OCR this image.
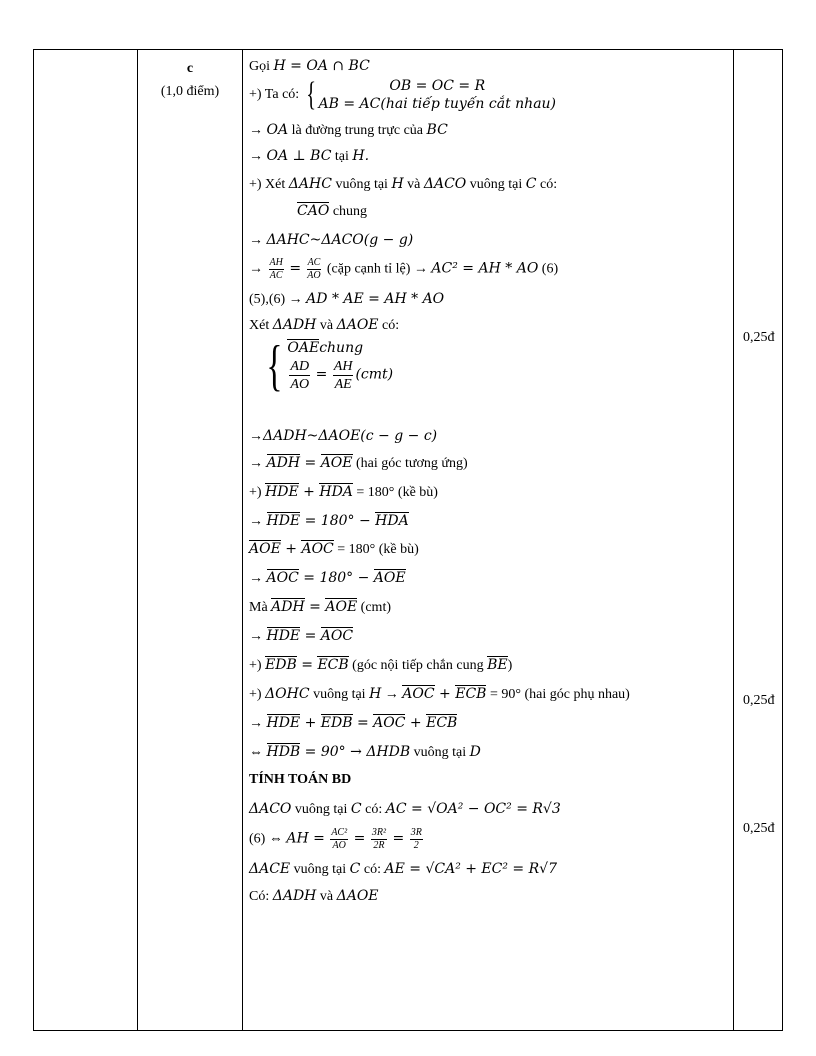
c
(1,0 điểm)
0,25đ
0,25đ
0,25đ
Gọi H = OA ∩ BC
+) Ta có: {	OB = OC = R
AB = AC(hai tiếp tuyến cắt nhau)
→ OA là đường trung trực của BC
→ OA ⊥ BC tại H.
+) Xét ΔAHC vuông tại H và ΔACO vuông tại C có:
CAO chung
→ ΔAHC~ΔACO(g − g)
→ $\frac{AH}{AC} = \frac{AC}{AO}$ (cặp cạnh tỉ lệ) → AC² = AH * AO (6)
(5),(6) → AD * AE = AH * AO
Xét ΔADH và ΔAOE có:
{ OAEchung
$\frac{AD}{AO} = \frac{AH}{AE} (cmt)$
→ΔADH~ΔAOE(c − g − c)
→ ADH = AOE (hai góc tương ứng)
+) HDE + HDA = 180° (kề bù)
→ HDE = 180° − HDA
AOE + AOC = 180° (kề bù)
→ AOC = 180° − AOE
Mà ADH = AOE (cmt)
→ HDE = AOC
+) EDB = ECB (góc nội tiếp chắn cung BE)
+) ΔOHC vuông tại H → AOC + ECB = 90° (hai góc phụ nhau)
→ HDE + EDB = AOC + ECB
⇔ HDB = 90° → ΔHDB vuông tại D
TÍNH TOÁN BD
ΔACO vuông tại C có: AC = √OA² − OC² = R√3
(6) ⇔ AH = $\frac{\text{AC²}}{AO} = \frac{\text{3R²}}{2R} = \frac{3R}{2}$
ΔACE vuông tại C có: AE = √CA² + EC² = R√7
Có: ΔADH và ΔAOE
